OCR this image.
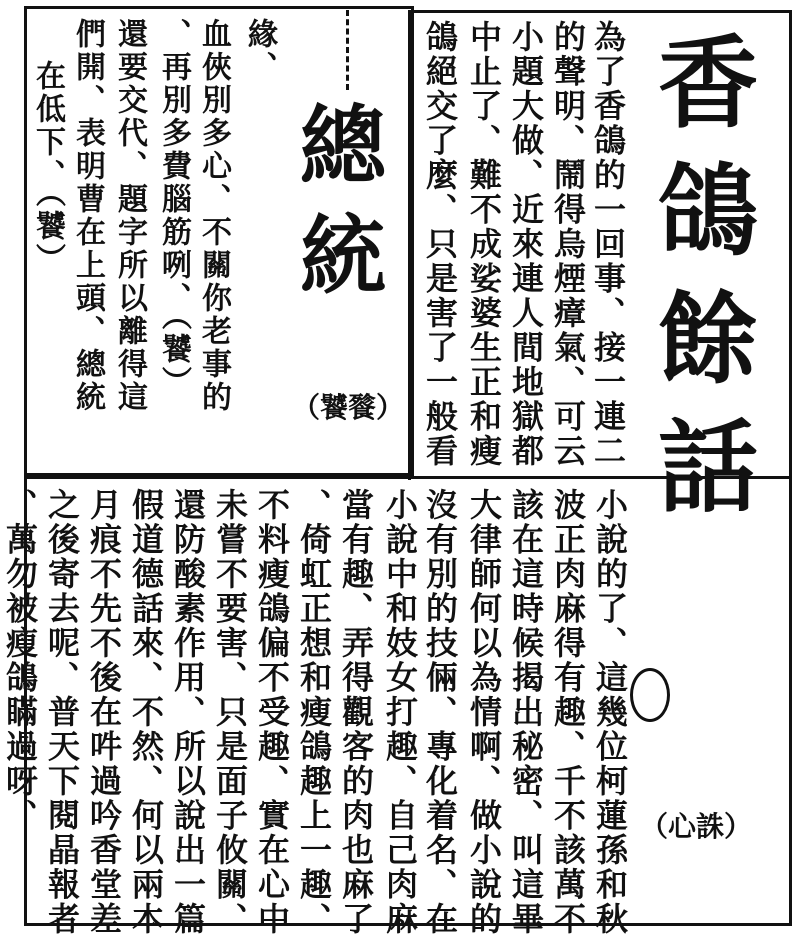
香鴿餘話
為了香鴿的一回事、接一連二
的聲明、鬧得烏煙瘴氣、可云
小題大做、近來連人間地獄都
中止了、難不成娑婆生正和瘦
鴿絕交了麼、只是害了一般看
（心誅）
小說的了、這幾位柯蓮孫和秋
波正肉麻得有趣、千不該萬不
該在這時候揭出秘密、叫這畢
大律師何以為情啊、做小說的
沒有別的技倆、專化着名、在
小說中和妓女打趣、自己肉麻
當有趣、弄得觀客的肉也麻了
、倚虹正想和瘦鴿趣上一趣、
不料瘦鴿偏不受趣、實在心中
未嘗不要害、只是面子攸關、
還防酸素作用、所以說出一篇
假道德話來、不然、何以兩本
月痕不先不後在吽過吟香堂差
之後寄去呢、普天下閱晶報者
、萬勿被瘦鴿瞞過呀、
總統
（饕餮）
緣、
血俠別多心、不關你老事的
、再別多費腦筋咧、（饕）
還要交代、題字所以離得這
們開、表明曹在上頭、總統
在低下、（饕）
